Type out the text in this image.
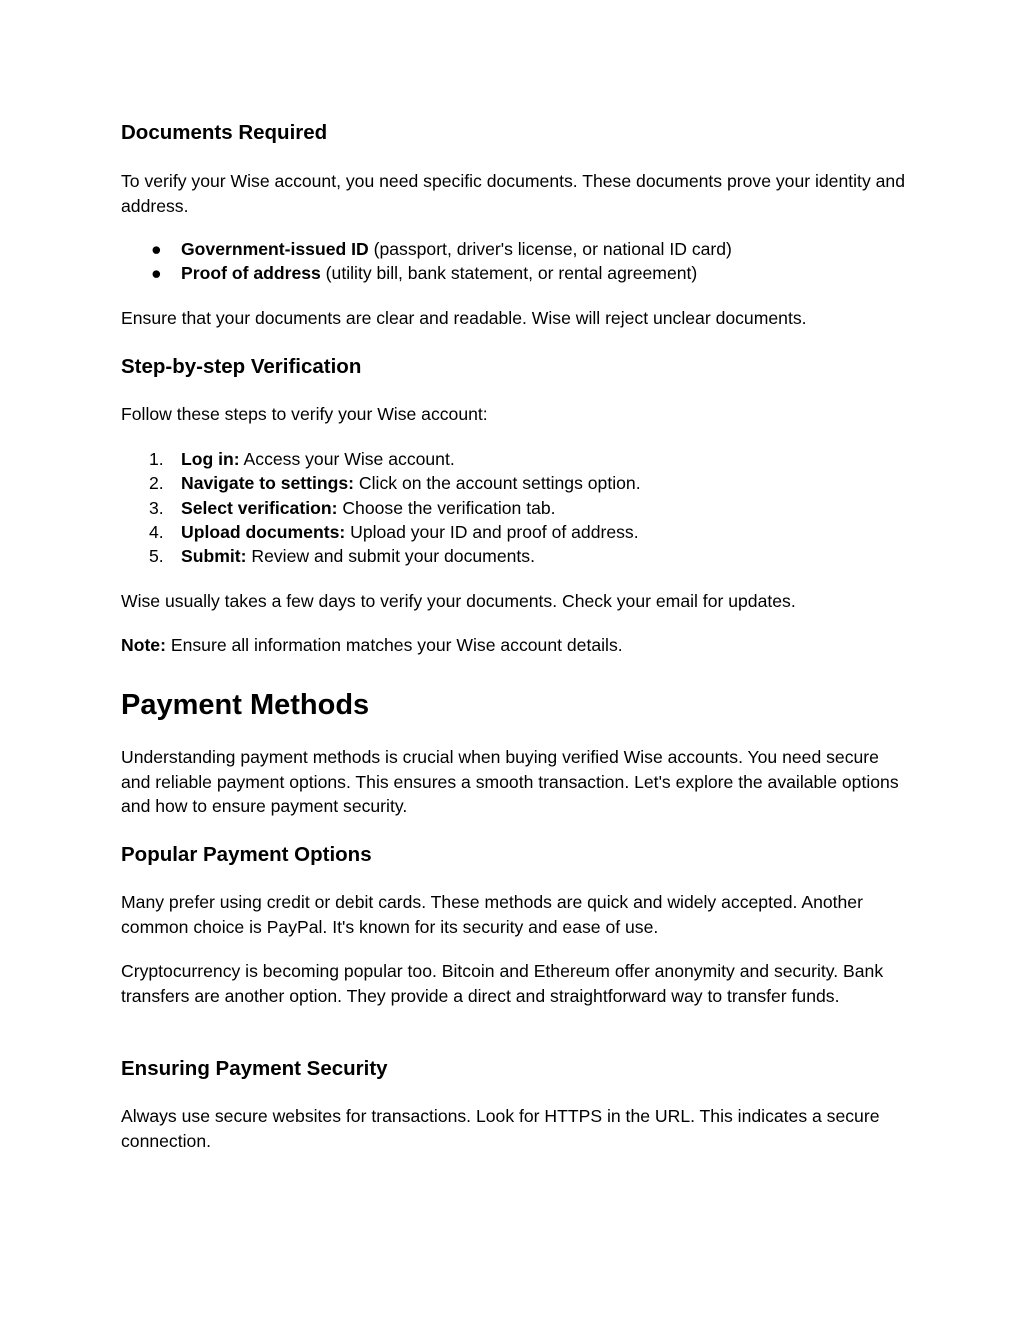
Documents Required

To verify your Wise account, you need specific documents. These documents prove your identity and address.

● Government-issued ID (passport, driver's license, or national ID card)
● Proof of address (utility bill, bank statement, or rental agreement)

Ensure that your documents are clear and readable. Wise will reject unclear documents.

Step-by-step Verification

Follow these steps to verify your Wise account:

1. Log in: Access your Wise account.
2. Navigate to settings: Click on the account settings option.
3. Select verification: Choose the verification tab.
4. Upload documents: Upload your ID and proof of address.
5. Submit: Review and submit your documents.

Wise usually takes a few days to verify your documents. Check your email for updates.

Note: Ensure all information matches your Wise account details.

Payment Methods

Understanding payment methods is crucial when buying verified Wise accounts. You need secure and reliable payment options. This ensures a smooth transaction. Let's explore the available options and how to ensure payment security.

Popular Payment Options

Many prefer using credit or debit cards. These methods are quick and widely accepted. Another common choice is PayPal. It's known for its security and ease of use.

Cryptocurrency is becoming popular too. Bitcoin and Ethereum offer anonymity and security. Bank transfers are another option. They provide a direct and straightforward way to transfer funds.

Ensuring Payment Security

Always use secure websites for transactions. Look for HTTPS in the URL. This indicates a secure connection.
